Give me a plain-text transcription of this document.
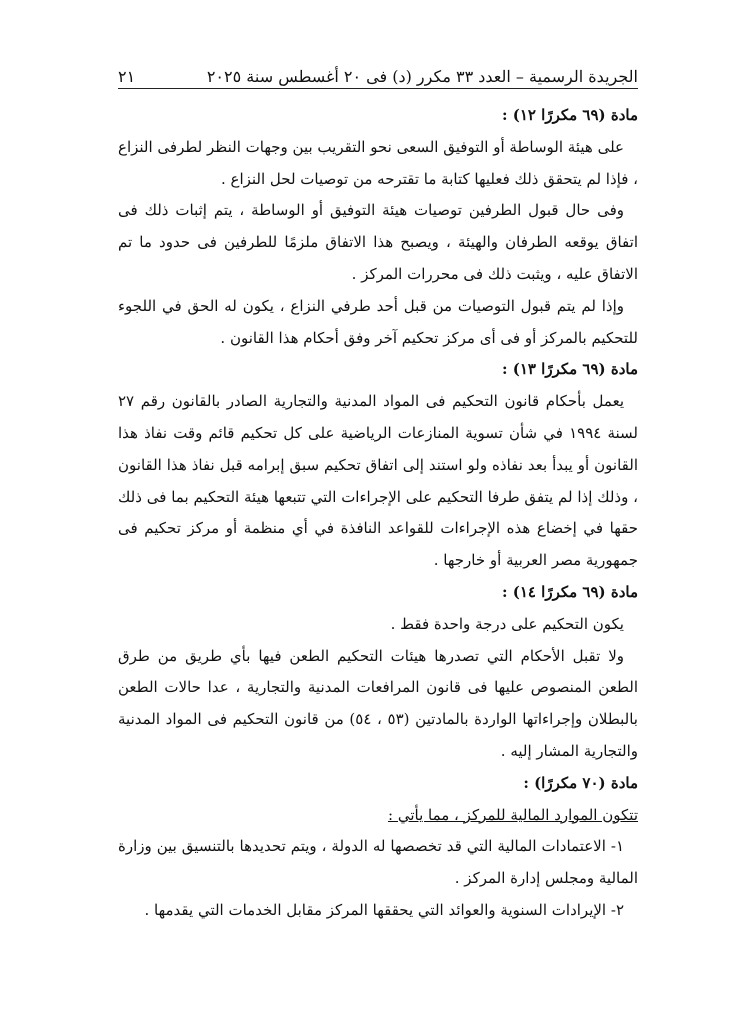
الجريدة الرسمية – العدد ٣٣ مكرر (د) فى ٢٠ أغسطس سنة ٢٠٢٥
٢١

مادة (٦٩ مكررًا ١٢) :

على هيئة الوساطة أو التوفيق السعى نحو التقريب بين وجهات النظر لطرفى النزاع ، فإذا لم يتحقق ذلك فعليها كتابة ما تقترحه من توصيات لحل النزاع .

وفى حال قبول الطرفين توصيات هيئة التوفيق أو الوساطة ، يتم إثبات ذلك فى اتفاق يوقعه الطرفان والهيئة ، ويصبح هذا الاتفاق ملزمًا للطرفين فى حدود ما تم الاتفاق عليه ، ويثبت ذلك فى محررات المركز .

وإذا لم يتم قبول التوصيات من قبل أحد طرفي النزاع ، يكون له الحق في اللجوء للتحكيم بالمركز أو فى أى مركز تحكيم آخر وفق أحكام هذا القانون .

مادة (٦٩ مكررًا ١٣) :

يعمل بأحكام قانون التحكيم فى المواد المدنية والتجارية الصادر بالقانون رقم ٢٧ لسنة ١٩٩٤ في شأن تسوية المنازعات الرياضية على كل تحكيم قائم وقت نفاذ هذا القانون أو يبدأ بعد نفاذه ولو استند إلى اتفاق تحكيم سبق إبرامه قبل نفاذ هذا القانون ، وذلك إذا لم يتفق طرفا التحكيم على الإجراءات التي تتبعها هيئة التحكيم بما فى ذلك حقها في إخضاع هذه الإجراءات للقواعد النافذة في أي منظمة أو مركز تحكيم فى جمهورية مصر العربية أو خارجها .

مادة (٦٩ مكررًا ١٤) :

يكون التحكيم على درجة واحدة فقط .

ولا تقبل الأحكام التي تصدرها هيئات التحكيم الطعن فيها بأي طريق من طرق الطعن المنصوص عليها فى قانون المرافعات المدنية والتجارية ، عدا حالات الطعن بالبطلان وإجراءاتها الواردة بالمادتين (٥٣ ، ٥٤) من قانون التحكيم فى المواد المدنية والتجارية المشار إليه .

مادة (٧٠ مكررًا) :

تتكون الموارد المالية للمركز ، مما يأتي :

١- الاعتمادات المالية التي قد تخصصها له الدولة ، ويتم تحديدها بالتنسيق بين وزارة المالية ومجلس إدارة المركز .

٢- الإيرادات السنوية والعوائد التي يحققها المركز مقابل الخدمات التي يقدمها .
